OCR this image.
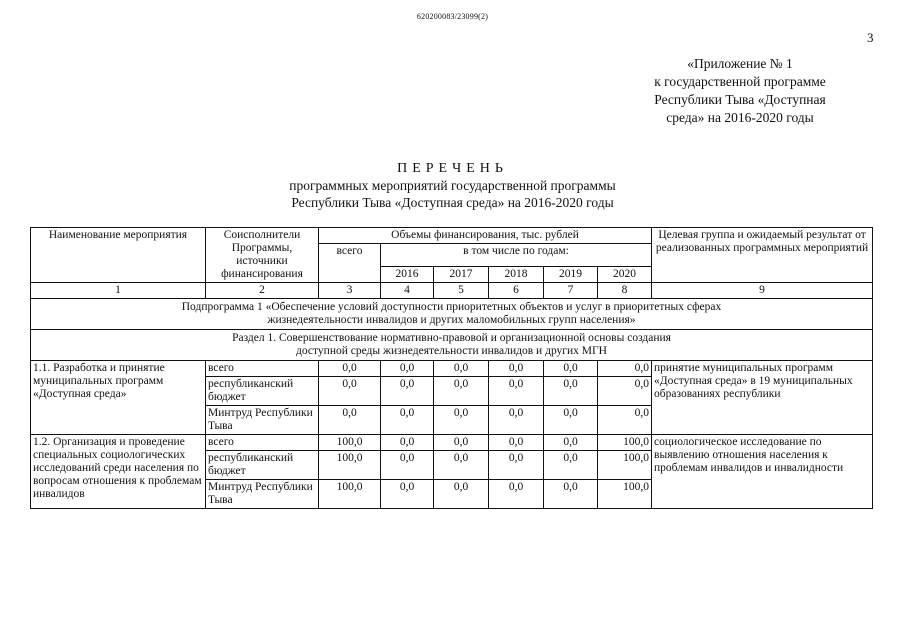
620200083/23099(2)
3
«Приложение № 1
к государственной программе
Республики Тыва «Доступная
среда» на 2016-2020 годы
ПЕРЕЧЕНЬ
программных мероприятий государственной программы
Республики Тыва «Доступная среда» на 2016-2020 годы
Наименование мероприятия	Соисполнители Программы, источники финансирования	Объемы финансирования, тыс. рублей						Целевая группа и ожидаемый результат от реализованных программных мероприятий
		всего	в том числе по годам:					
			2016	2017	2018	2019	2020	
1	2	3	4	5	6	7	8	9
Подпрограмма 1 «Обеспечение условий доступности приоритетных объектов и услуг в приоритетных сферах жизнедеятельности инвалидов и других маломобильных групп населения»								
Раздел 1. Совершенствование нормативно-правовой и организационной основы создания доступной среды жизнедеятельности инвалидов и других МГН								
1.1. Разработка и принятие муниципальных программ «Доступная среда»	всего	0,0	0,0	0,0	0,0	0,0	0,0	принятие муниципальных программ «Доступная среда» в 19 муниципальных образованиях республики
	республиканский бюджет	0,0	0,0	0,0	0,0	0,0	0,0	
	Минтруд Республики Тыва	0,0	0,0	0,0	0,0	0,0	0,0	
1.2. Организация и проведение специальных социологических исследований среди населения по вопросам отношения к проблемам инвалидов	всего	100,0	0,0	0,0	0,0	0,0	100,0	социологическое исследование по выявлению отношения населения к проблемам инвалидов и инвалидности
	республиканский бюджет	100,0	0,0	0,0	0,0	0,0	100,0	
	Минтруд Республики Тыва	100,0	0,0	0,0	0,0	0,0	100,0	
